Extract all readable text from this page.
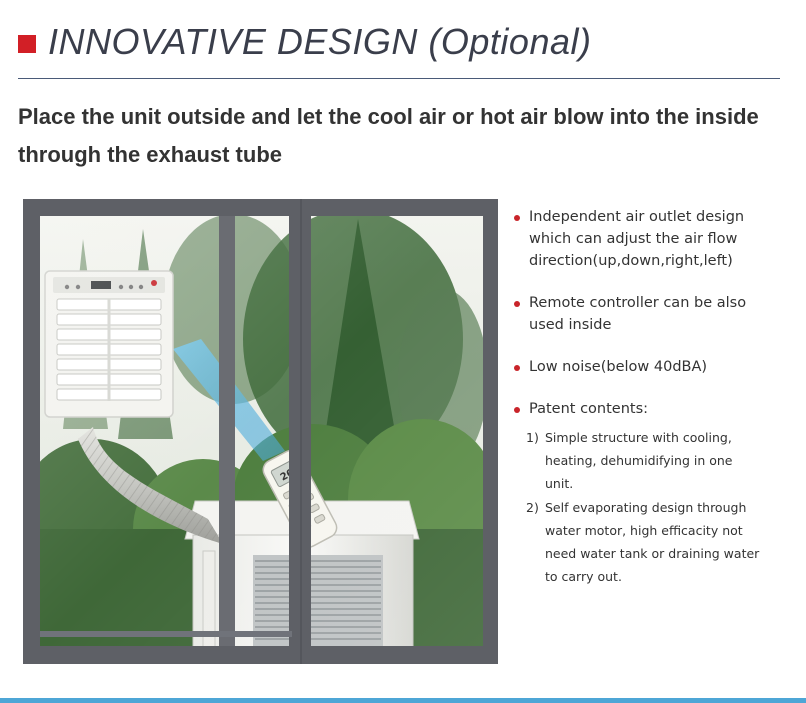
INNOVATIVE DESIGN (Optional)
Place the unit outside and let the cool air or hot air blow into the inside
through the exhaust tube
Independent air outlet design
which can adjust the air flow
direction(up,down,right,left)
Remote controller can be also
used inside
Low noise(below 40dBA)
Patent contents:
1) Simple structure with cooling,
heating, dehumidifying in one
unit.
2) Self evaporating design through
water motor, high efficacity not
need water tank or draining water
to carry out.
